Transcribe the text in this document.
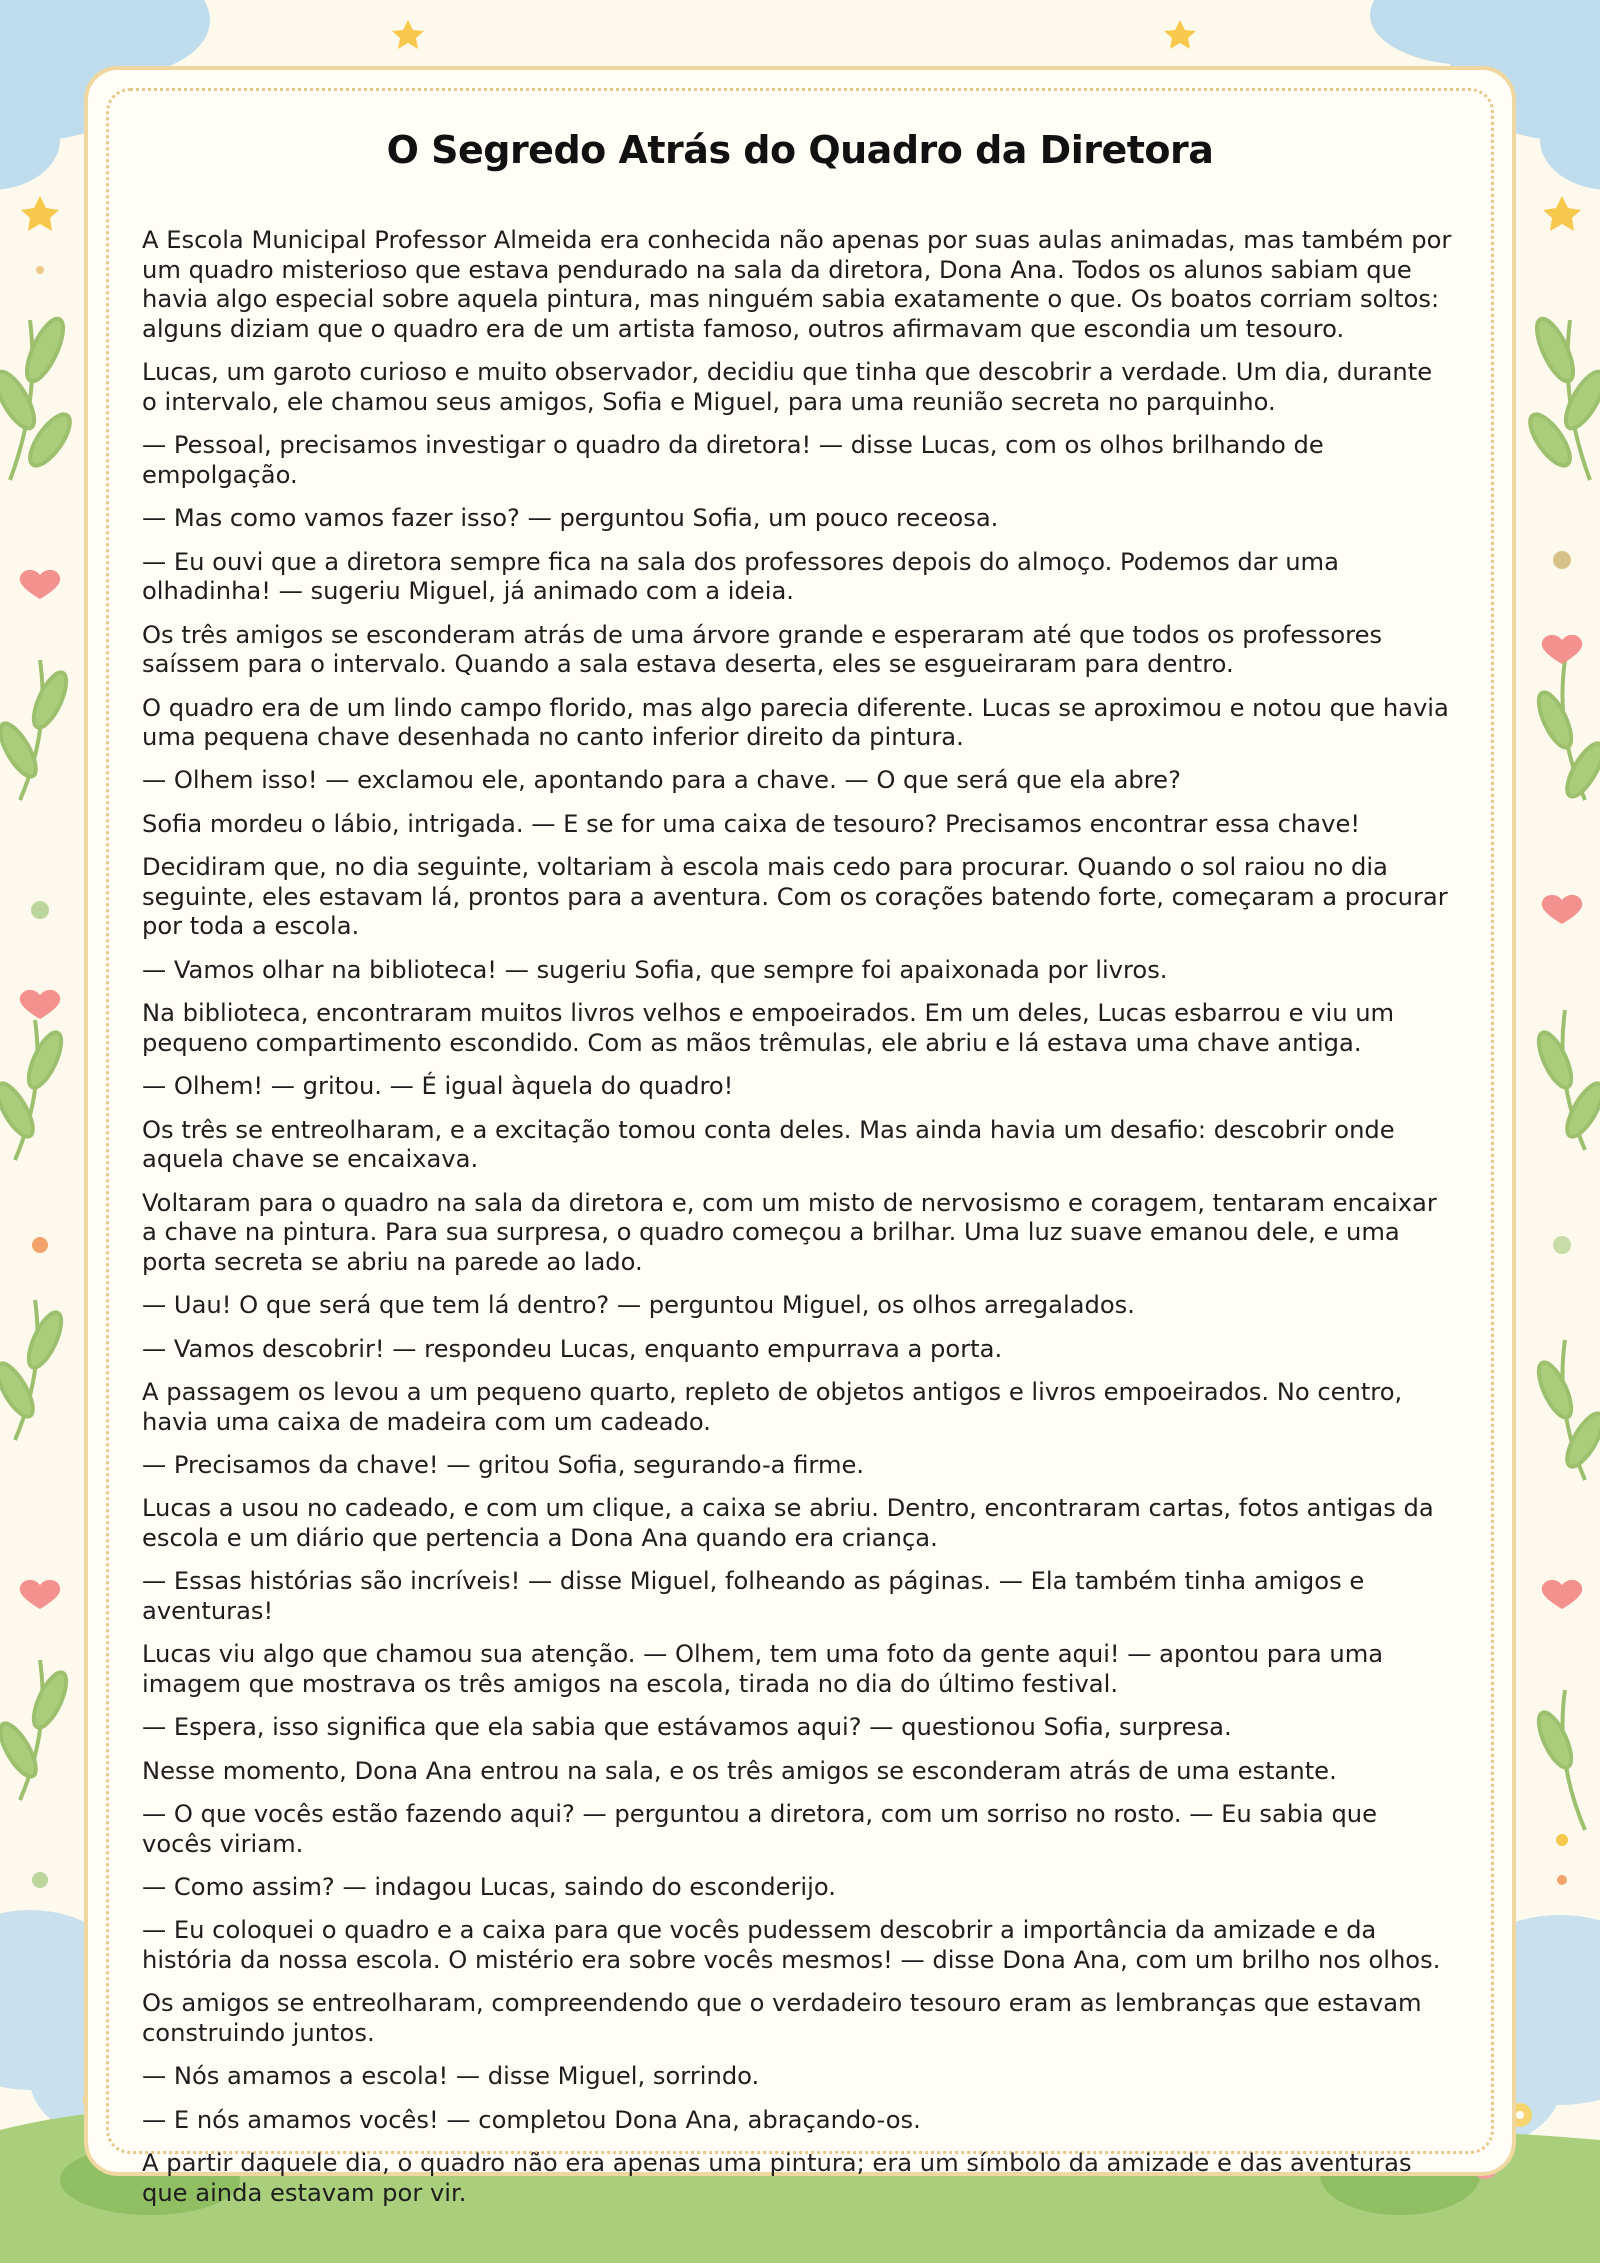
O Segredo Atrás do Quadro da Diretora

A Escola Municipal Professor Almeida era conhecida não apenas por suas aulas animadas, mas também por um quadro misterioso que estava pendurado na sala da diretora, Dona Ana. Todos os alunos sabiam que havia algo especial sobre aquela pintura, mas ninguém sabia exatamente o que. Os boatos corriam soltos: alguns diziam que o quadro era de um artista famoso, outros afirmavam que escondia um tesouro.

Lucas, um garoto curioso e muito observador, decidiu que tinha que descobrir a verdade. Um dia, durante o intervalo, ele chamou seus amigos, Sofia e Miguel, para uma reunião secreta no parquinho.

— Pessoal, precisamos investigar o quadro da diretora! — disse Lucas, com os olhos brilhando de empolgação.

— Mas como vamos fazer isso? — perguntou Sofia, um pouco receosa.

— Eu ouvi que a diretora sempre fica na sala dos professores depois do almoço. Podemos dar uma olhadinha! — sugeriu Miguel, já animado com a ideia.

Os três amigos se esconderam atrás de uma árvore grande e esperaram até que todos os professores saíssem para o intervalo. Quando a sala estava deserta, eles se esgueiraram para dentro.

O quadro era de um lindo campo florido, mas algo parecia diferente. Lucas se aproximou e notou que havia uma pequena chave desenhada no canto inferior direito da pintura.

— Olhem isso! — exclamou ele, apontando para a chave. — O que será que ela abre?

Sofia mordeu o lábio, intrigada. — E se for uma caixa de tesouro? Precisamos encontrar essa chave!

Decidiram que, no dia seguinte, voltariam à escola mais cedo para procurar. Quando o sol raiou no dia seguinte, eles estavam lá, prontos para a aventura. Com os corações batendo forte, começaram a procurar por toda a escola.

— Vamos olhar na biblioteca! — sugeriu Sofia, que sempre foi apaixonada por livros.

Na biblioteca, encontraram muitos livros velhos e empoeirados. Em um deles, Lucas esbarrou e viu um pequeno compartimento escondido. Com as mãos trêmulas, ele abriu e lá estava uma chave antiga.

— Olhem! — gritou. — É igual àquela do quadro!

Os três se entreolharam, e a excitação tomou conta deles. Mas ainda havia um desafio: descobrir onde aquela chave se encaixava.

Voltaram para o quadro na sala da diretora e, com um misto de nervosismo e coragem, tentaram encaixar a chave na pintura. Para sua surpresa, o quadro começou a brilhar. Uma luz suave emanou dele, e uma porta secreta se abriu na parede ao lado.

— Uau! O que será que tem lá dentro? — perguntou Miguel, os olhos arregalados.

— Vamos descobrir! — respondeu Lucas, enquanto empurrava a porta.

A passagem os levou a um pequeno quarto, repleto de objetos antigos e livros empoeirados. No centro, havia uma caixa de madeira com um cadeado.

— Precisamos da chave! — gritou Sofia, segurando-a firme.

Lucas a usou no cadeado, e com um clique, a caixa se abriu. Dentro, encontraram cartas, fotos antigas da escola e um diário que pertencia a Dona Ana quando era criança.

— Essas histórias são incríveis! — disse Miguel, folheando as páginas. — Ela também tinha amigos e aventuras!

Lucas viu algo que chamou sua atenção. — Olhem, tem uma foto da gente aqui! — apontou para uma imagem que mostrava os três amigos na escola, tirada no dia do último festival.

— Espera, isso significa que ela sabia que estávamos aqui? — questionou Sofia, surpresa.

Nesse momento, Dona Ana entrou na sala, e os três amigos se esconderam atrás de uma estante.

— O que vocês estão fazendo aqui? — perguntou a diretora, com um sorriso no rosto. — Eu sabia que vocês viriam.

— Como assim? — indagou Lucas, saindo do esconderijo.

— Eu coloquei o quadro e a caixa para que vocês pudessem descobrir a importância da amizade e da história da nossa escola. O mistério era sobre vocês mesmos! — disse Dona Ana, com um brilho nos olhos.

Os amigos se entreolharam, compreendendo que o verdadeiro tesouro eram as lembranças que estavam construindo juntos.

— Nós amamos a escola! — disse Miguel, sorrindo.

— E nós amamos vocês! — completou Dona Ana, abraçando-os.

A partir daquele dia, o quadro não era apenas uma pintura; era um símbolo da amizade e das aventuras que ainda estavam por vir.
